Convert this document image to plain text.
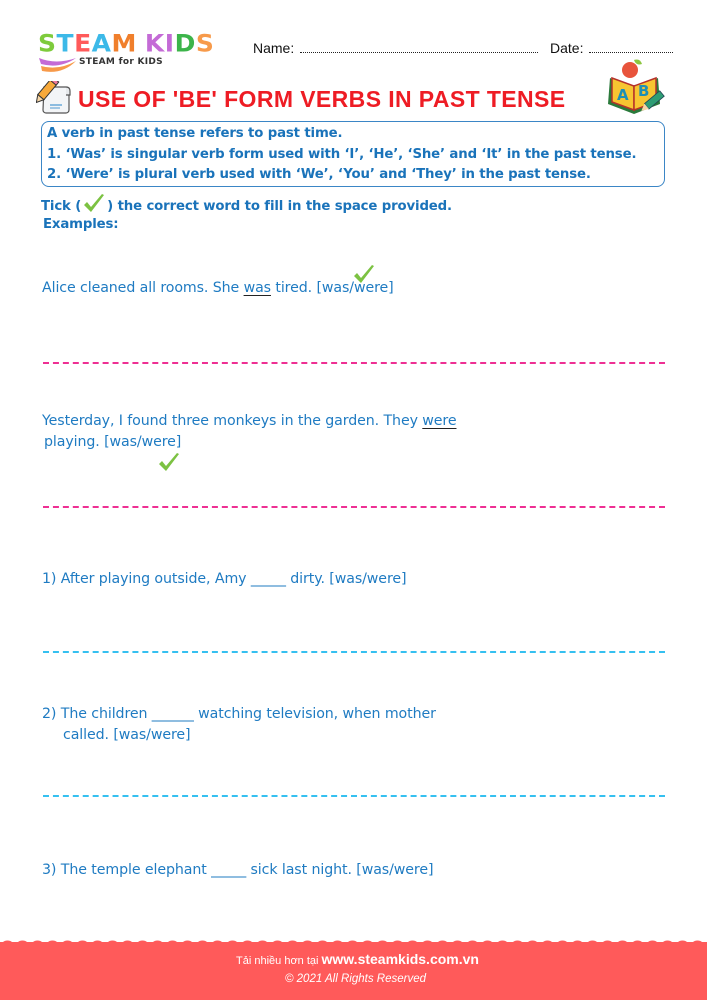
STEAM KIDS
STEAM for KIDS
Name:	Date:
USE OF 'BE' FORM VERBS IN PAST TENSE	A B
A verb in past tense refers to past time.
1. ‘Was’ is singular verb form used with ‘I’, ‘He’, ‘She’ and ‘It’ in the past tense.
2. ‘Were’ is plural verb used with ‘We’, ‘You’ and ‘They’ in the past tense.
Tick ( ) the correct word to fill in the space provided.
Examples:
Alice cleaned all rooms. She was tired. [was/were]
Yesterday, I found three monkeys in the garden. They were
playing. [was/were]
1) After playing outside, Amy _____ dirty. [was/were]
2) The children ______ watching television, when mother
called. [was/were]
3) The temple elephant _____ sick last night. [was/were]
Tải nhiều hơn tại www.steamkids.com.vn
© 2021 All Rights Reserved
